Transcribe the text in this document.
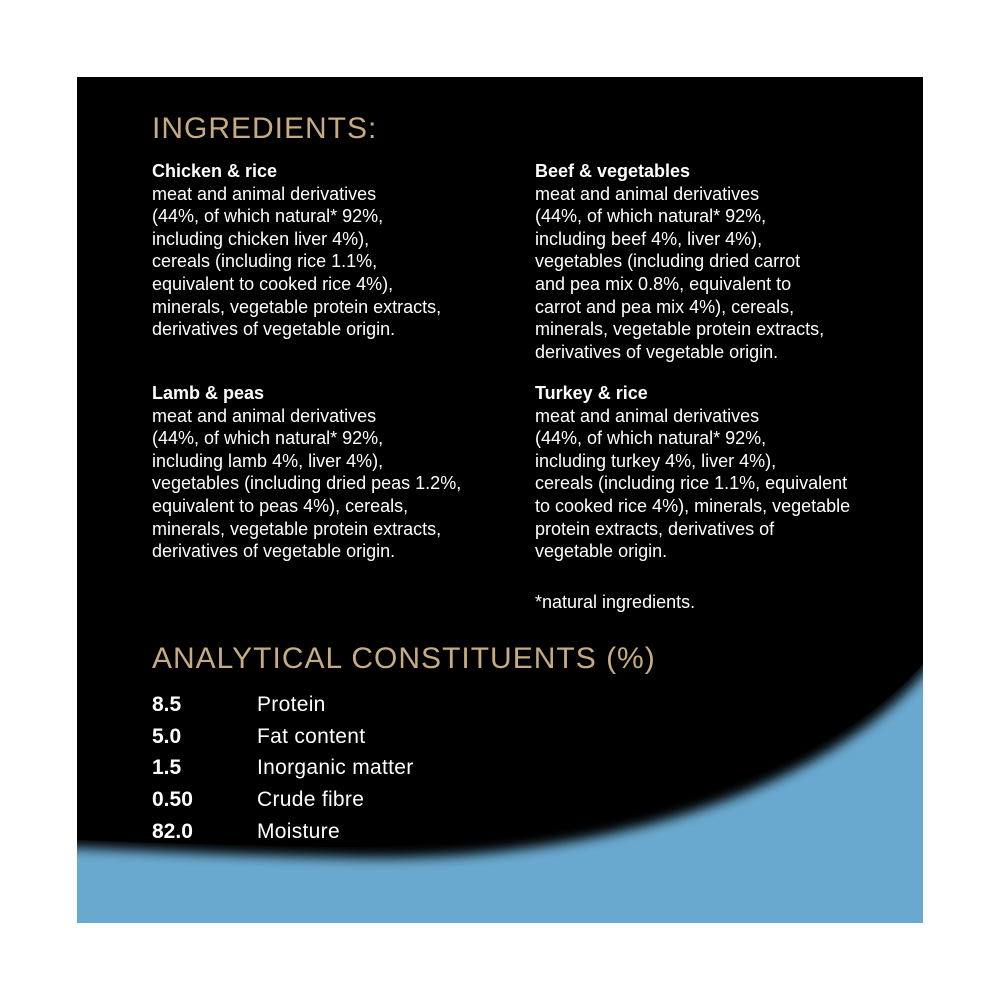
INGREDIENTS:
Chicken & rice
meat and animal derivatives
(44%, of which natural* 92%,
including chicken liver 4%),
cereals (including rice 1.1%,
equivalent to cooked rice 4%),
minerals, vegetable protein extracts,
derivatives of vegetable origin.
Beef & vegetables
meat and animal derivatives
(44%, of which natural* 92%,
including beef 4%, liver 4%),
vegetables (including dried carrot
and pea mix 0.8%, equivalent to
carrot and pea mix 4%), cereals,
minerals, vegetable protein extracts,
derivatives of vegetable origin.
Lamb & peas
meat and animal derivatives
(44%, of which natural* 92%,
including lamb 4%, liver 4%),
vegetables (including dried peas 1.2%,
equivalent to peas 4%), cereals,
minerals, vegetable protein extracts,
derivatives of vegetable origin.
Turkey & rice
meat and animal derivatives
(44%, of which natural* 92%,
including turkey 4%, liver 4%),
cereals (including rice 1.1%, equivalent
to cooked rice 4%), minerals, vegetable
protein extracts, derivatives of
vegetable origin.
*natural ingredients.
ANALYTICAL CONSTITUENTS (%)
8.5	Protein
5.0	Fat content
1.5	Inorganic matter
0.50	Crude fibre
82.0	Moisture
